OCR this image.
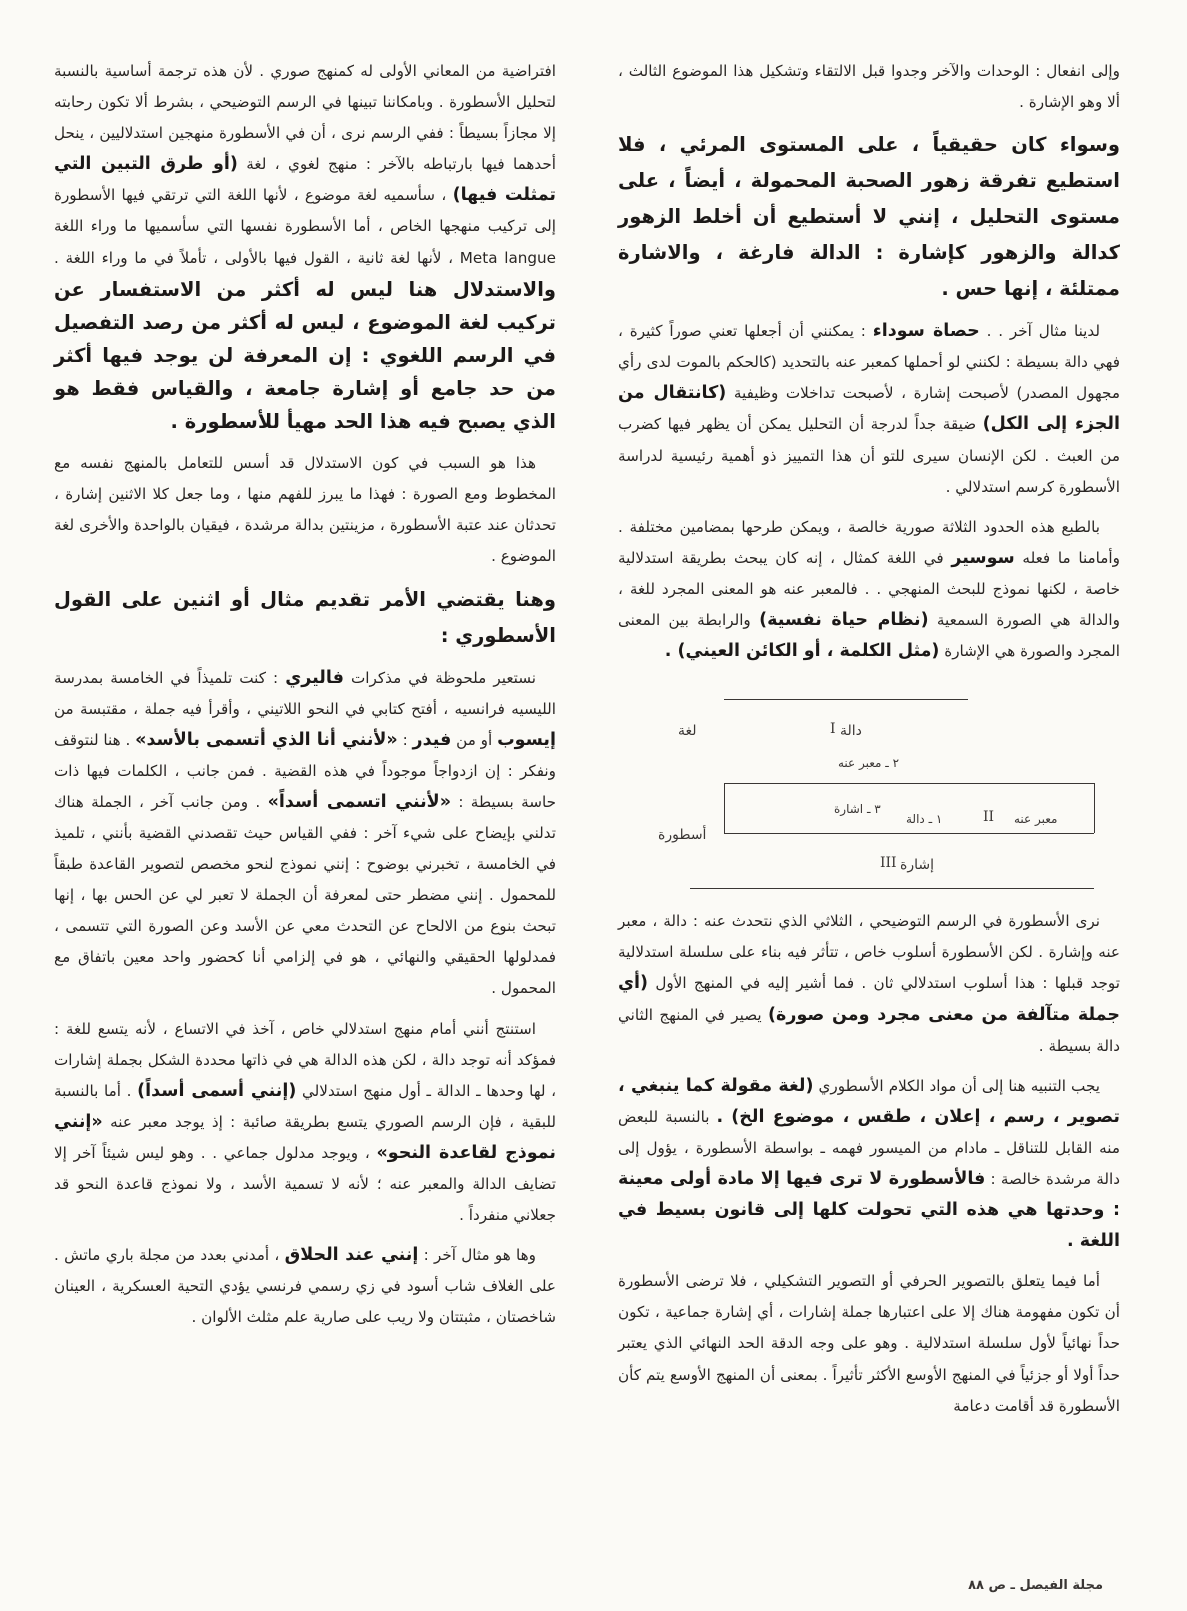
وإلى انفعال : الوحدات والآخر وجدوا قبل الالتقاء وتشكيل هذا الموضوع الثالث ، ألا وهو الإشارة .

وسواء كان حقيقياً ، على المستوى المرئي ، فلا استطيع تفرقة زهور الصحبة المحمولة ، أيضاً ، على مستوى التحليل ، إنني لا أستطيع أن أخلط الزهور كدالة والزهور كإشارة : الدالة فارغة ، والاشارة ممتلئة ، إنها حس .

لدينا مثال آخر . . حصاة سوداء : يمكنني أن أجعلها تعني صوراً كثيرة ، فهي دالة بسيطة : لكنني لو أحملها كمعبر عنه بالتحديد (كالحكم بالموت لدى رأي مجهول المصدر) لأصبحت إشارة ، لأصبحت تداخلات وظيفية (كانتقال من الجزء إلى الكل) ضيقة جداً لدرجة أن التحليل يمكن أن يظهر فيها كضرب من العبث . لكن الإنسان سيرى للتو أن هذا التمييز ذو أهمية رئيسية لدراسة الأسطورة كرسم استدلالي .

بالطبع هذه الحدود الثلاثة صورية خالصة ، ويمكن طرحها بمضامين مختلفة . وأمامنا ما فعله سوسير في اللغة كمثال ، إنه كان يبحث بطريقة استدلالية خاصة ، لكنها نموذج للبحث المنهجي . . فالمعبر عنه هو المعنى المجرد للغة ، والدالة هي الصورة السمعية (نظام حياة نفسية) والرابطة بين المعنى المجرد والصورة هي الإشارة (مثل الكلمة ، أو الكائن العيني) .

لغة	دالة
I
٢ ـ معبر عنه
٣ ـ اشارة
١ ـ دالة	II معبر عنه
أسطورة
III إشارة

نرى الأسطورة في الرسم التوضيحي ، الثلاثي الذي نتحدث عنه : دالة ، معبر عنه وإشارة . لكن الأسطورة أسلوب خاص ، تتأثر فيه بناء على سلسلة استدلالية توجد قبلها : هذا أسلوب استدلالي ثان . فما أشير إليه في المنهج الأول (أي جملة متآلفة من معنى مجرد ومن صورة) يصير في المنهج الثاني دالة بسيطة .

يجب التنبيه هنا إلى أن مواد الكلام الأسطوري (لغة مقولة كما ينبغي ، تصوير ، رسم ، إعلان ، طقس ، موضوع الخ) . بالنسبة للبعض منه القابل للتناقل ـ مادام من الميسور فهمه ـ بواسطة الأسطورة ، يؤول إلى دالة مرشدة خالصة : فالأسطورة لا ترى فيها إلا مادة أولى معينة : وحدتها هي هذه التي تحولت كلها إلى قانون بسيط في اللغة .

أما فيما يتعلق بالتصوير الحرفي أو التصوير التشكيلي ، فلا ترضى الأسطورة أن تكون مفهومة هناك إلا على اعتبارها جملة إشارات ، أي إشارة جماعية ، تكون حداً نهائياً لأول سلسلة استدلالية . وهو على وجه الدقة الحد النهائي الذي يعتبر حداً أولا أو جزئياً في المنهج الأوسع الأكثر تأثيراً . بمعنى أن المنهج الأوسع يتم كأن الأسطورة قد أقامت دعامة

افتراضية من المعاني الأولى له كمنهج صوري . لأن هذه ترجمة أساسية بالنسبة لتحليل الأسطورة . وبامكاننا تبينها في الرسم التوضيحي ، بشرط ألا تكون رحابته إلا مجازاً بسيطاً : ففي الرسم نرى ، أن في الأسطورة منهجين استدلاليين ، ينحل أحدهما فيها بارتباطه بالآخر : منهج لغوي ، لغة (أو طرق التبين التي تمثلت فيها) ، سأسميه لغة موضوع ، لأنها اللغة التي ترتقي فيها الأسطورة إلى تركيب منهجها الخاص ، أما الأسطورة نفسها التي سأسميها ما وراء اللغة Meta langue ، لأنها لغة ثانية ، القول فيها بالأولى ، تأملاً في ما وراء اللغة . والاستدلال هنا ليس له أكثر من الاستفسار عن تركيب لغة الموضوع ، ليس له أكثر من رصد التفصيل في الرسم اللغوي : إن المعرفة لن يوجد فيها أكثر من حد جامع أو إشارة جامعة ، والقياس فقط هو الذي يصبح فيه هذا الحد مهيأ للأسطورة .

هذا هو السبب في كون الاستدلال قد أسس للتعامل بالمنهج نفسه مع المخطوط ومع الصورة : فهذا ما يبرز للفهم منها ، وما جعل كلا الاثنين إشارة ، تحدثان عند عتبة الأسطورة ، مزينتين بدالة مرشدة ، فيقيان بالواحدة والأخرى لغة الموضوع .

وهنا يقتضي الأمر تقديم مثال أو اثنين على القول الأسطوري :

نستعير ملحوظة في مذكرات فاليري : كنت تلميذاً في الخامسة بمدرسة الليسيه فرانسيه ، أفتح كتابي في النحو اللاتيني ، وأقرأ فيه جملة ، مقتبسة من إيسوب أو من فيدر : «لأنني أنا الذي أتسمى بالأسد» . هنا لنتوقف ونفكر : إن ازدواجاً موجوداً في هذه القضية . فمن جانب ، الكلمات فيها ذات حاسة بسيطة : «لأنني اتسمى أسداً» . ومن جانب آخر ، الجملة هناك تدلني بإيضاح على شيء آخر : ففي القياس حيث تقصدني القضية بأنني ، تلميذ في الخامسة ، تخبرني بوضوح : إنني نموذج لنحو مخصص لتصوير القاعدة طبقاً للمحمول . إنني مضطر حتى لمعرفة أن الجملة لا تعبر لي عن الحس بها ، إنها تبحث بنوع من الالحاح عن التحدث معي عن الأسد وعن الصورة التي تتسمى ، فمدلولها الحقيقي والنهائي ، هو في إلزامي أنا كحضور واحد معين باتفاق مع المحمول .

استنتج أنني أمام منهج استدلالي خاص ، آخذ في الاتساع ، لأنه يتسع للغة : فمؤكد أنه توجد دالة ، لكن هذه الدالة هي في ذاتها محددة الشكل بجملة إشارات ، لها وحدها ـ الدالة ـ أول منهج استدلالي (إنني أسمى أسداً) . أما بالنسبة للبقية ، فإن الرسم الصوري يتسع بطريقة صائبة : إذ يوجد معبر عنه «إنني نموذج لقاعدة النحو» ، ويوجد مدلول جماعي . . وهو ليس شيئاً آخر إلا تضايف الدالة والمعبر عنه ؛ لأنه لا تسمية الأسد ، ولا نموذج قاعدة النحو قد جعلاني منفرداً .

وها هو مثال آخر : إنني عند الحلاق ، أمدني بعدد من مجلة باري ماتش . على الغلاف شاب أسود في زي رسمي فرنسي يؤدي التحية العسكرية ، العينان شاخصتان ، مثبتتان ولا ريب على صارية علم مثلث الألوان .

مجلة الفيصل ـ ص ٨٨
